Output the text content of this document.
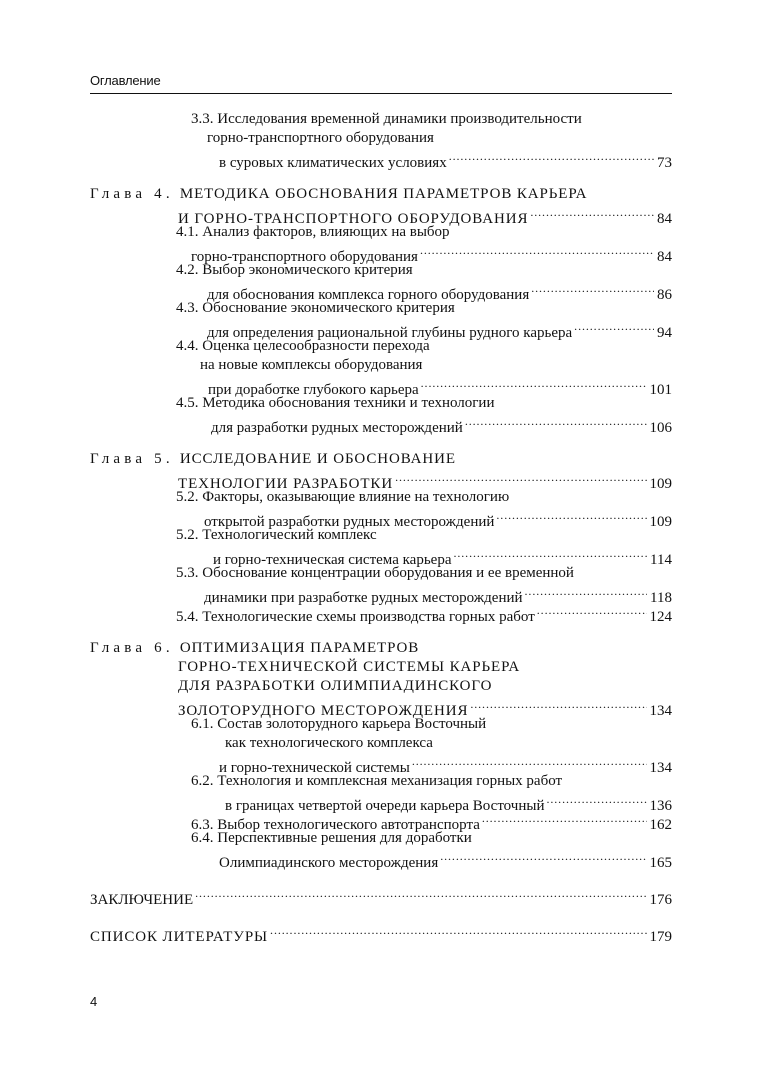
Оглавление
3.3. Исследования временной динамики производительности
горно-транспортного оборудования
в суровых климатических условиях .....	73
Глава 4. МЕТОДИКА ОБОСНОВАНИЯ ПАРАМЕТРОВ КАРЬЕРА
И ГОРНО-ТРАНСПОРТНОГО ОБОРУДОВАНИЯ .....	84
4.1. Анализ факторов, влияющих на выбор
горно-транспортного оборудования .....	84
4.2. Выбор экономического критерия
для обоснования комплекса горного оборудования .....	86
4.3. Обоснование экономического критерия
для определения рациональной глубины рудного карьера .....	94
4.4. Оценка целесообразности перехода
на новые комплексы оборудования
при доработке глубокого карьера .....	101
4.5. Методика обоснования техники и технологии
для разработки рудных месторождений .....	106
Глава 5. ИССЛЕДОВАНИЕ И ОБОСНОВАНИЕ
ТЕХНОЛОГИИ РАЗРАБОТКИ .....	109
5.2. Факторы, оказывающие влияние на технологию
открытой разработки рудных месторождений .....	109
5.2. Технологический комплекс
и горно-техническая система карьера .....	114
5.3. Обоснование концентрации оборудования и ее временной
динамики при разработке рудных месторождений .....	118
5.4. Технологические схемы производства горных работ .....	124
Глава 6. ОПТИМИЗАЦИЯ ПАРАМЕТРОВ
ГОРНО-ТЕХНИЧЕСКОЙ СИСТЕМЫ КАРЬЕРА
ДЛЯ РАЗРАБОТКИ ОЛИМПИАДИНСКОГО
ЗОЛОТОРУДНОГО МЕСТОРОЖДЕНИЯ .....	134
6.1. Состав золоторудного карьера Восточный
как технологического комплекса
и горно-технической системы .....	134
6.2. Технология и комплексная механизация горных работ
в границах четвертой очереди карьера Восточный .....	136
6.3. Выбор технологического автотранспорта .....	162
6.4. Перспективные решения для доработки
Олимпиадинского месторождения .....	165
ЗАКЛЮЧЕНИЕ .....	176
СПИСОК ЛИТЕРАТУРЫ .....	179
4
